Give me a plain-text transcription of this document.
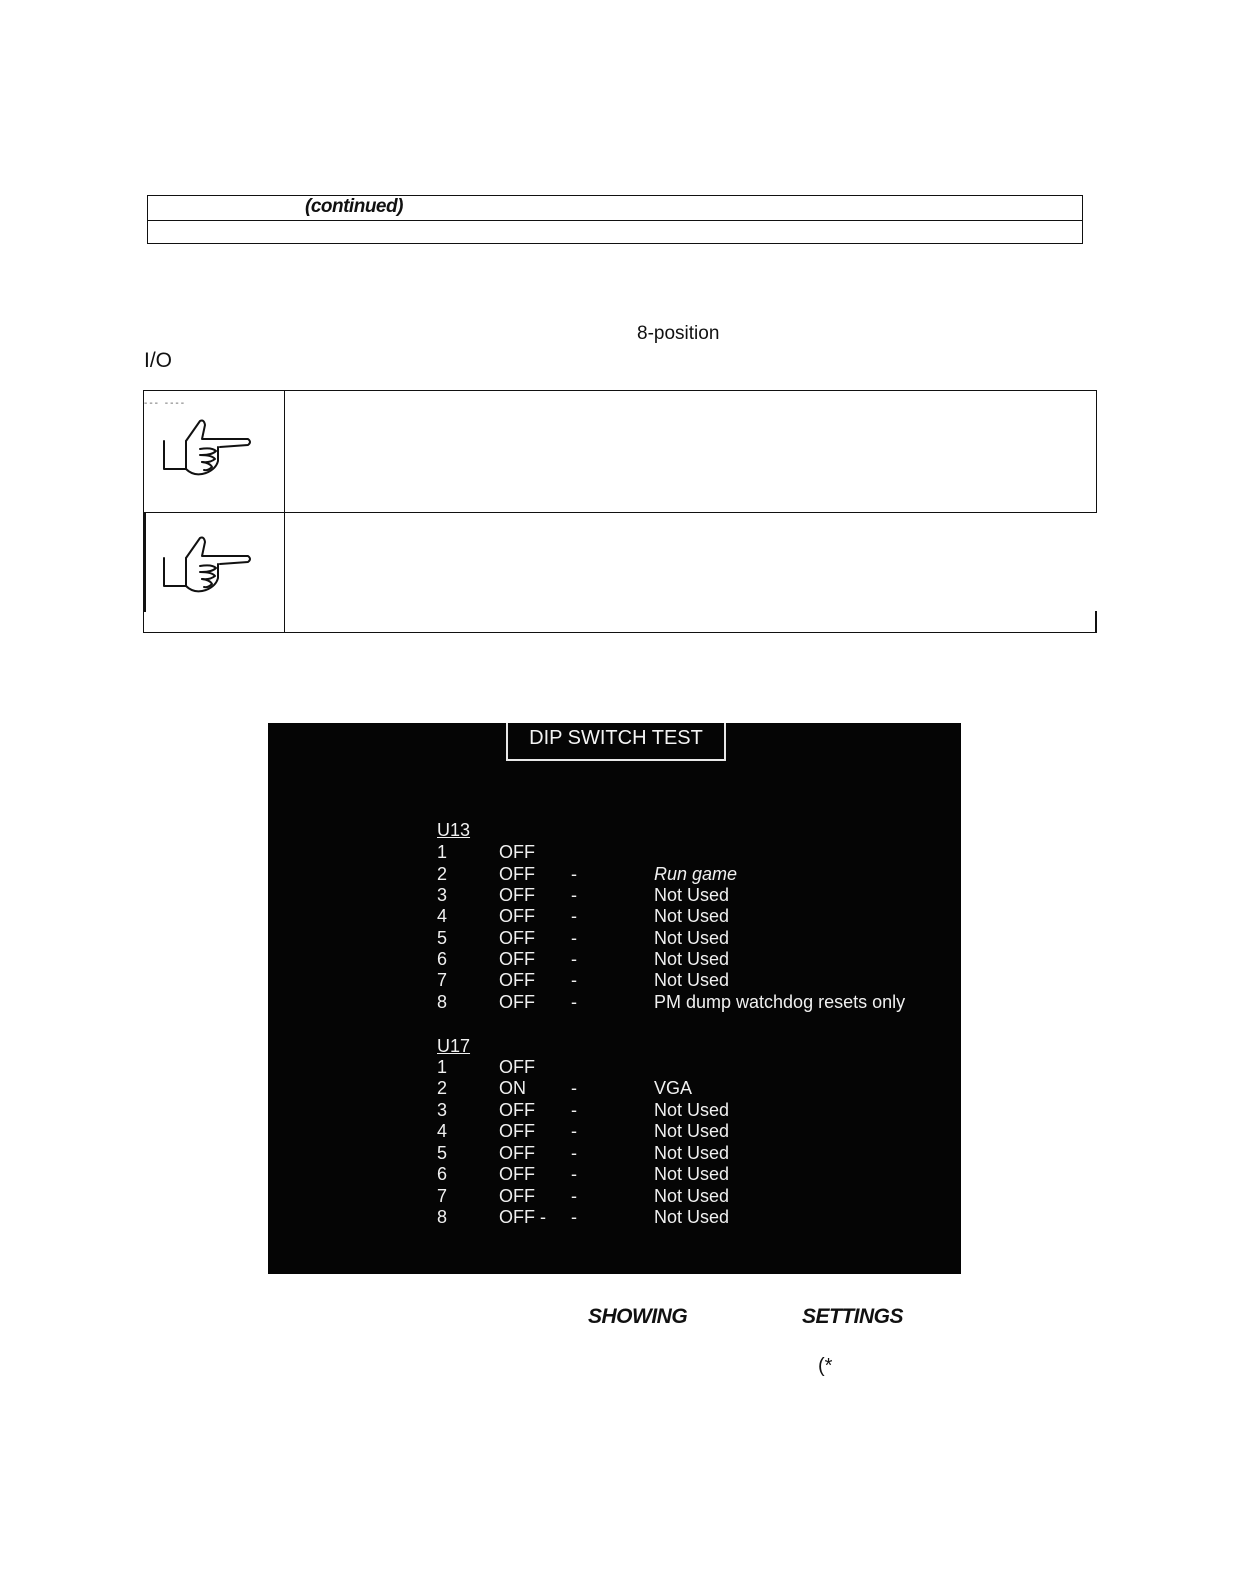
(continued)
8-position
I/O
‐‐‐ ‐‐‐‐
DIP SWITCH TEST
U13
1	OFF
2	OFF -	Run game
3	OFF -	Not Used
4	OFF -	Not Used
5	OFF -	Not Used
6	OFF -	Not Used
7	OFF -	Not Used
8	OFF -	PM dump watchdog resets only
U17
1	OFF
2	ON	-	VGA
3	OFF -	Not Used
4	OFF -	Not Used
5	OFF -	Not Used
6	OFF -	Not Used
7	OFF -	Not Used
8	OFF - -	Not Used
SHOWING	SETTINGS
(*
